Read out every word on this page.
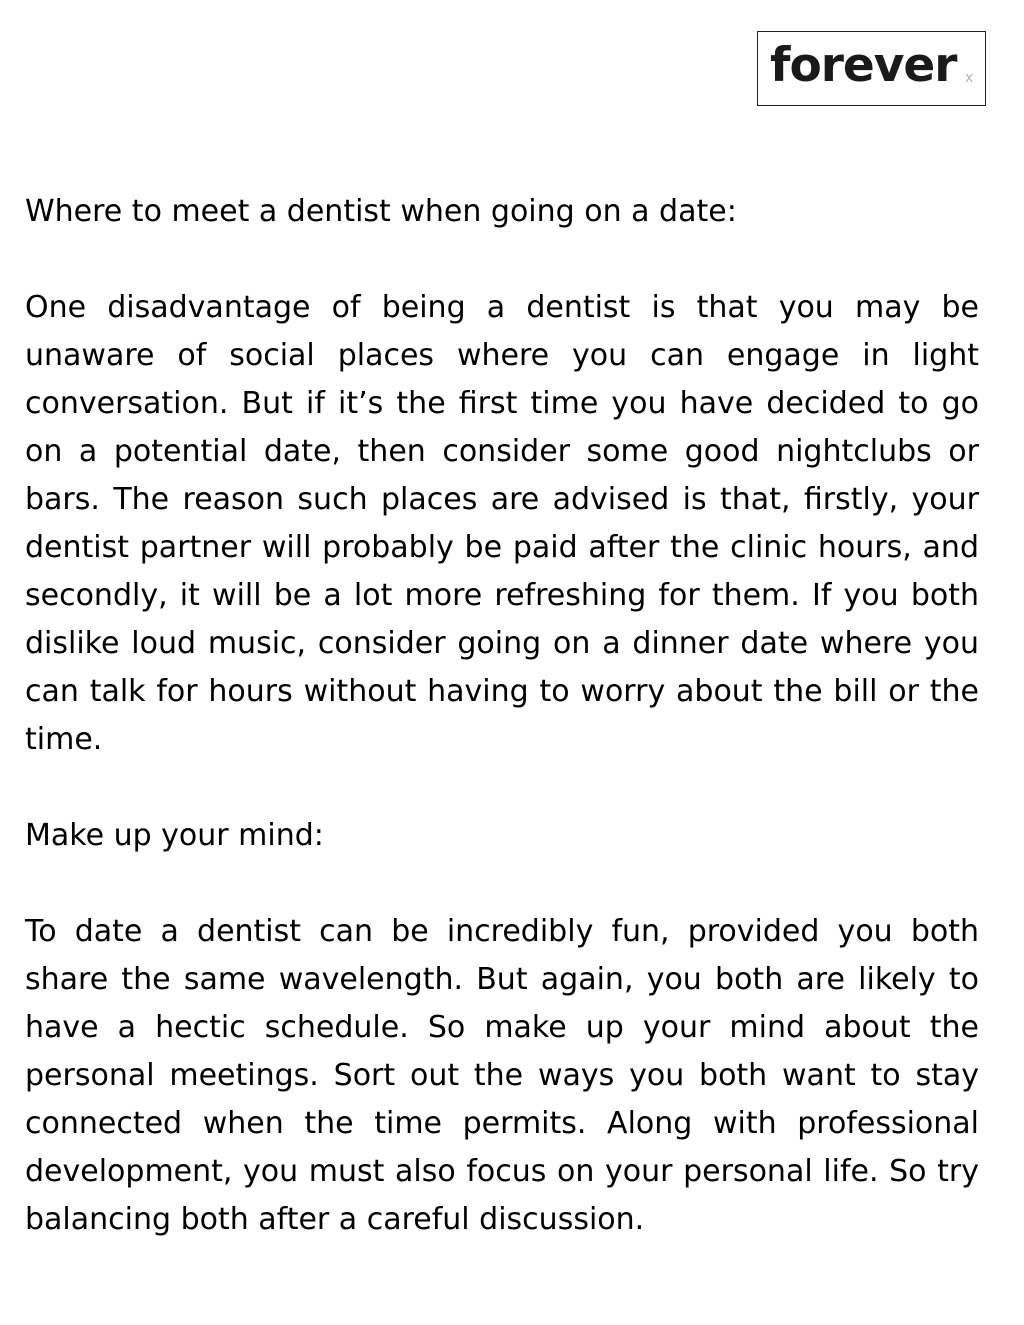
forever x

Where to meet a dentist when going on a date:

One disadvantage of being a dentist is that you may be unaware of social places where you can engage in light conversation. But if it’s the first time you have decided to go on a potential date, then consider some good nightclubs or bars. The reason such places are advised is that, firstly, your dentist partner will probably be paid after the clinic hours, and secondly, it will be a lot more refreshing for them. If you both dislike loud music, consider going on a dinner date where you can talk for hours without having to worry about the bill or the time.

Make up your mind:

To date a dentist can be incredibly fun, provided you both share the same wavelength. But again, you both are likely to have a hectic schedule. So make up your mind about the personal meetings. Sort out the ways you both want to stay connected when the time permits. Along with professional development, you must also focus on your personal life. So try balancing both after a careful discussion.
